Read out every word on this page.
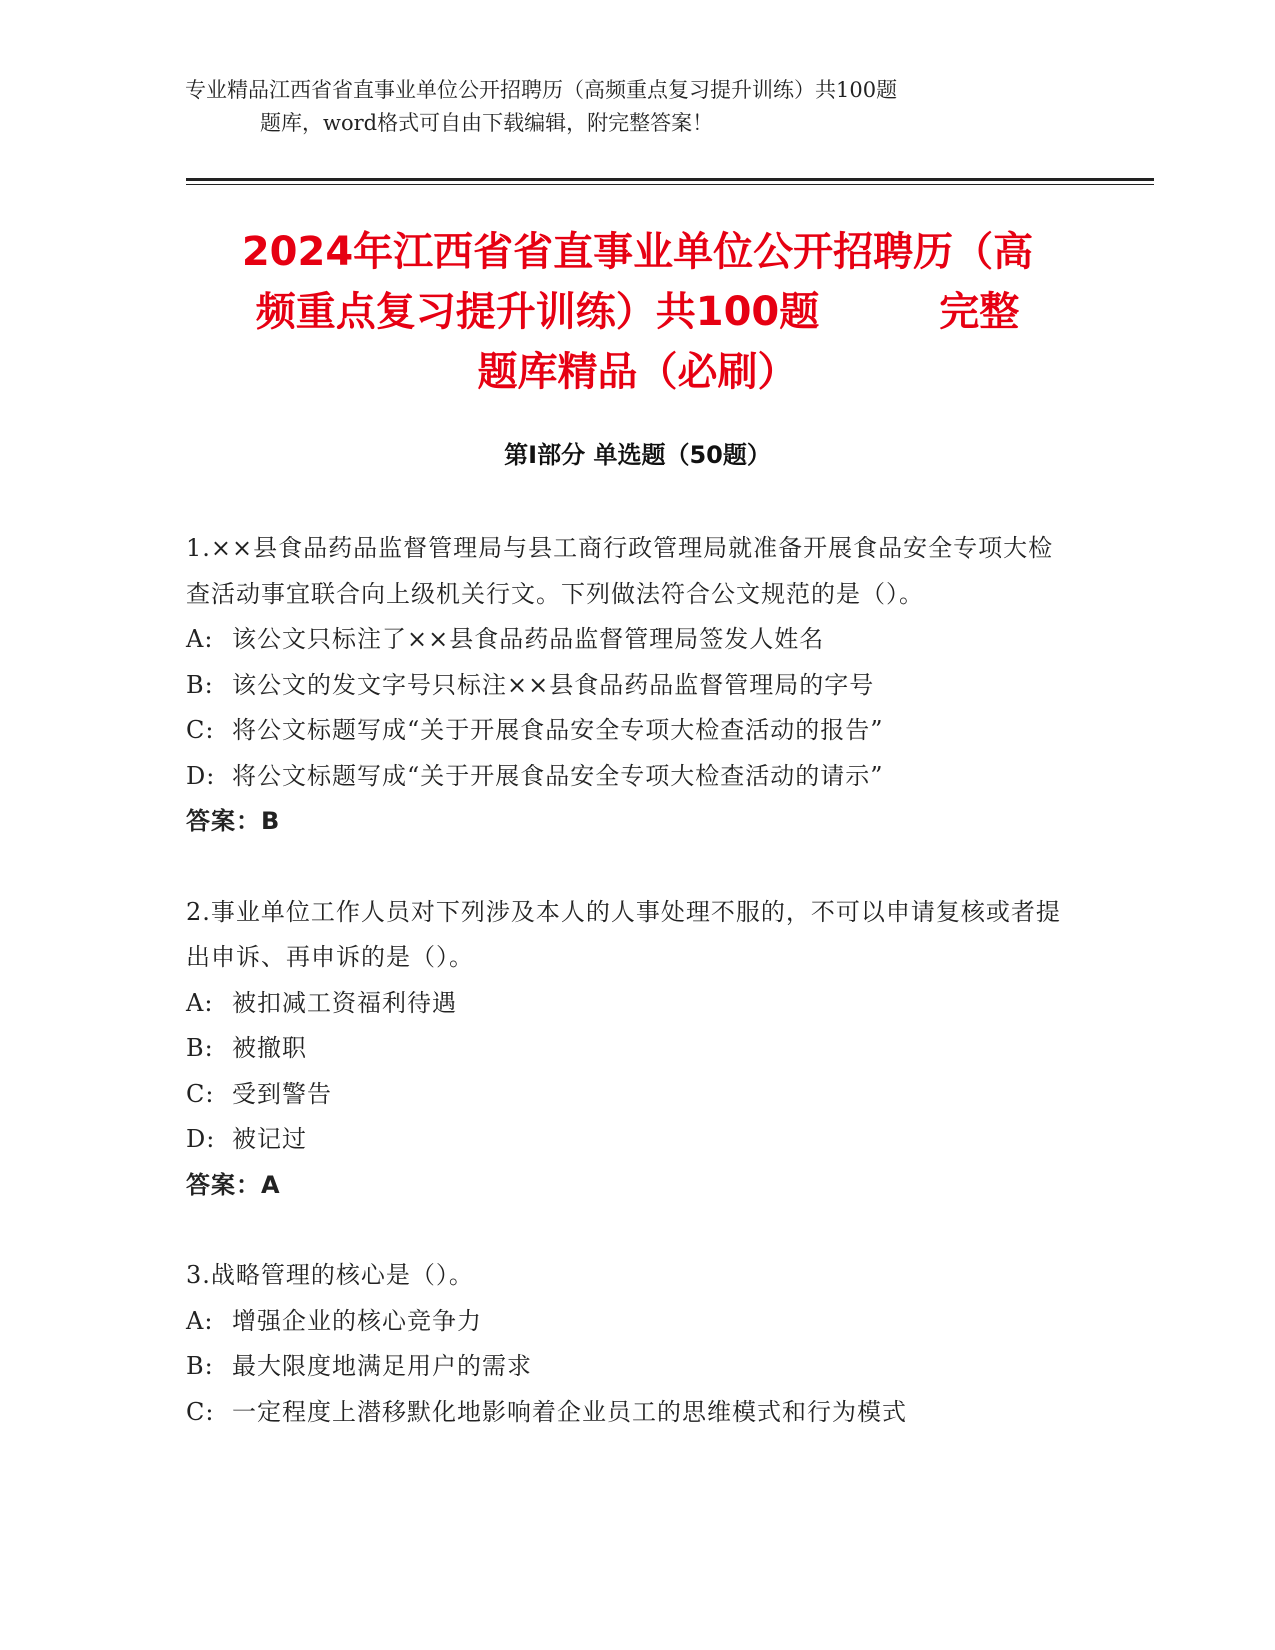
专业精品江西省省直事业单位公开招聘历（高频重点复习提升训练）共100题
题库，word格式可自由下载编辑，附完整答案！
2024年江西省省直事业单位公开招聘历（高
频重点复习提升训练）共100题　　　完整
题库精品（必刷）
第Ⅰ部分 单选题（50题）

1.××县食品药品监督管理局与县工商行政管理局就准备开展食品安全专项大检查活动事宜联合向上级机关行文。下列做法符合公文规范的是（）。

A: 该公文只标注了××县食品药品监督管理局签发人姓名

B: 该公文的发文字号只标注××县食品药品监督管理局的字号

C: 将公文标题写成“关于开展食品安全专项大检查活动的报告”

D: 将公文标题写成“关于开展食品安全专项大检查活动的请示”

答案：B

2.事业单位工作人员对下列涉及本人的人事处理不服的，不可以申请复核或者提出申诉、再申诉的是（）。

A: 被扣减工资福利待遇

B: 被撤职

C: 受到警告

D: 被记过

答案：A

3.战略管理的核心是（）。

A: 增强企业的核心竞争力

B: 最大限度地满足用户的需求

C: 一定程度上潜移默化地影响着企业员工的思维模式和行为模式
